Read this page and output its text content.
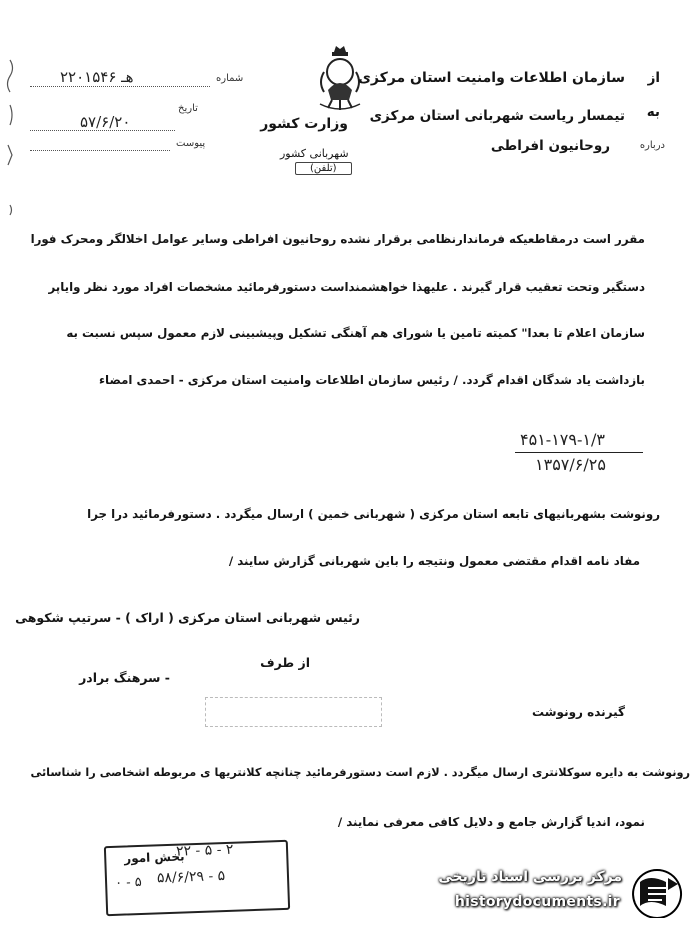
از
سازمان اطلاعات وامنیت استان مرکزی
به
تیمسار ریاست شهربانی استان مرکزی
وزارت کشور
درباره
روحانیون افراطی
شهربانی کشور
(تلفن)
شماره
۲۲۰۱۵۴۶ هـ
تاریخ
۵۷/۶/۲۰
پیوست
مقرر است درمقاطعیکه فرماندارنظامی برقرار نشده روحانیون افراطی وسایر عوامل اخلالگر ومحرک فورا
دستگیر وتحت تعقیب قرار گیرند . علیهذا خواهشمنداست دستورفرمائید مشخصات افراد مورد نظر وایاپر
سازمان اعلام تا بعدا" کمیته تامین یا شوراى هم آهنگى تشکیل وپیشبینى لازم معمول سپس نسبت به
بازداشت یاد شدگان اقدام گردد. / رئیس سازمان اطلاعات وامنیت استان مرکزى - احمدى امضاء
۴۵۱-۱۷۹-۱/۳
۱۳۵۷/۶/۲۵
رونوشت بشهربانیهای تابعه استان مرکزی ( شهربانی خمین ) ارسال میگردد . دستورفرمائید درا جرا
مفاد نامه اقدام مقتضى معمول ونتیجه را باین شهربانی گزارش سایند /
رئیس شهربانى استان مرکزى ( اراک ) - سرتیپ شکوهى
از طرف
- سرهنگ برادر
گیرنده رونوشت
رونوشت به دایره سوکلانتری ارسال میگردد . لازم است دستورفرمائید چنانچه کلانتریها ى مربوطه اشخاصى را شناسائى
نمود، اندیا گزارش جامع و دلایل کافى معرفى نمایند /
بخش امور
۲۲ - ۵ - ۲
۵۸/۶/۲۹ - ۵
۰ - ۵	مرکز بررسی اسناد تاریخی
historydocuments.ir
